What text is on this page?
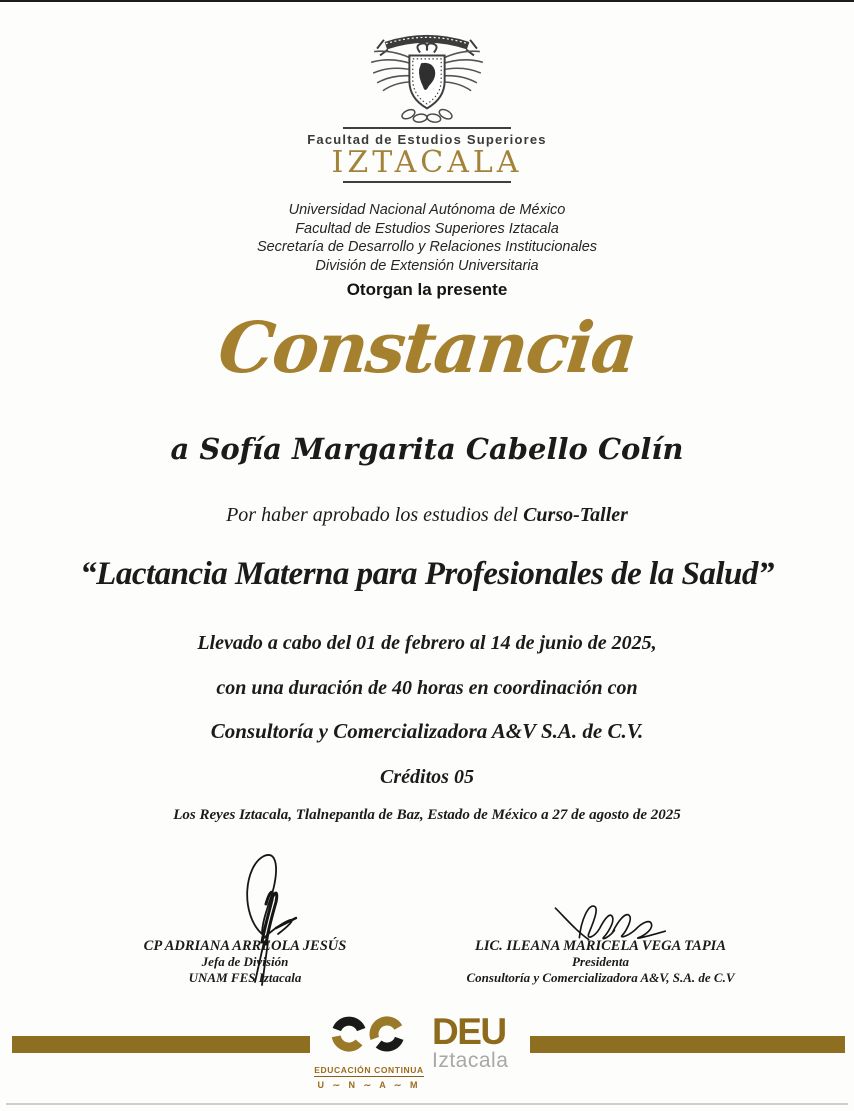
Facultad de Estudios Superiores
IZTACALA
Universidad Nacional Autónoma de México
Facultad de Estudios Superiores Iztacala
Secretaría de Desarrollo y Relaciones Institucionales
División de Extensión Universitaria
Otorgan la presente
Constancia
a Sofía Margarita Cabello Colín
Por haber aprobado los estudios del Curso-Taller
“Lactancia Materna para Profesionales de la Salud”
Llevado a cabo del 01 de febrero al 14 de junio de 2025,
con una duración de 40 horas en coordinación con
Consultoría y Comercializadora A&V S.A. de C.V.
Créditos 05
Los Reyes Iztacala, Tlalnepantla de Baz, Estado de México a 27 de agosto de 2025
CP ADRIANA ARREOLA JESÚS
Jefa de División
UNAM FES Iztacala
LIC. ILEANA MARICELA VEGA TAPIA
Presidenta
Consultoría y Comercializadora A&V, S.A. de C.V
EDUCACIÓN CONTINUA
U ∼ N ∼ A ∼ M
DEU
Iztacala
